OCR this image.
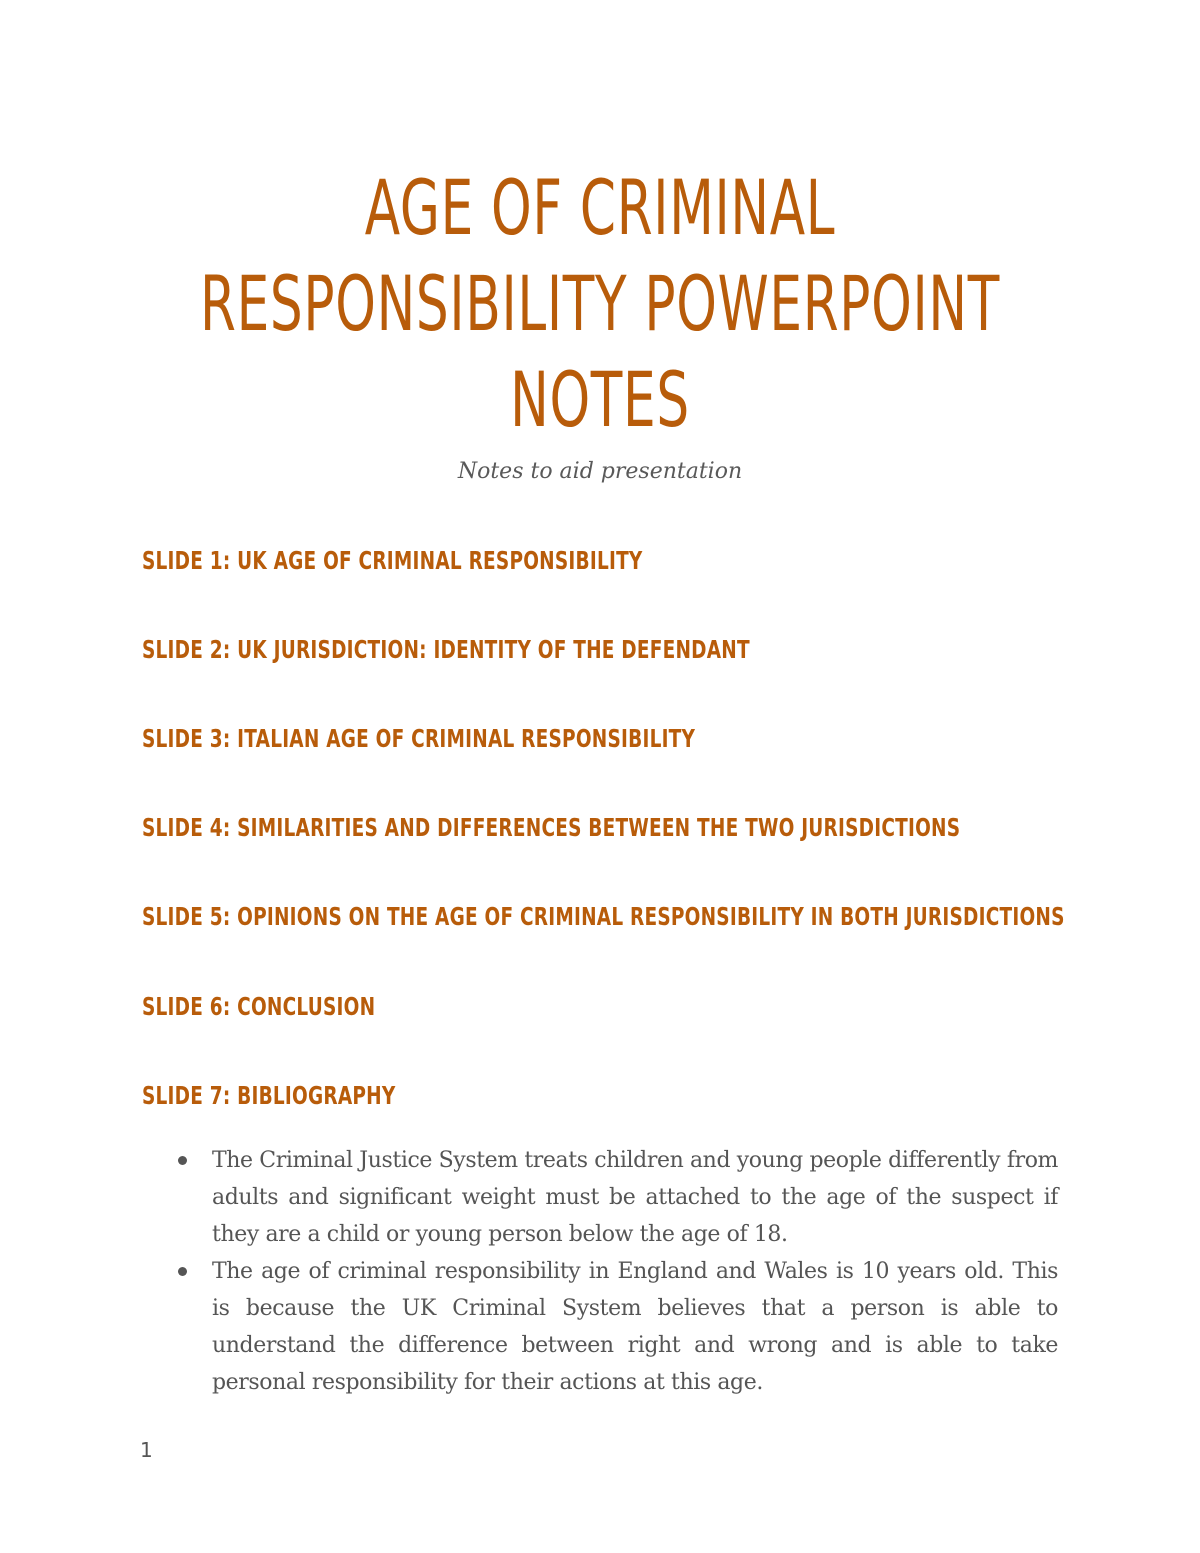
AGE OF CRIMINAL
RESPONSIBILITY POWERPOINT
NOTES
Notes to aid presentation
SLIDE 1: UK AGE OF CRIMINAL RESPONSIBILITY
SLIDE 2: UK JURISDICTION: IDENTITY OF THE DEFENDANT
SLIDE 3: ITALIAN AGE OF CRIMINAL RESPONSIBILITY
SLIDE 4: SIMILARITIES AND DIFFERENCES BETWEEN THE TWO JURISDICTIONS
SLIDE 5: OPINIONS ON THE AGE OF CRIMINAL RESPONSIBILITY IN BOTH JURISDICTIONS
SLIDE 6: CONCLUSION
SLIDE 7: BIBLIOGRAPHY
The Criminal Justice System treats children and young people differently from adults and significant weight must be attached to the age of the suspect if they are a child or young person below the age of 18.
The age of criminal responsibility in England and Wales is 10 years old. This is because the UK Criminal System believes that a person is able to understand the difference between right and wrong and is able to take personal responsibility for their actions at this age.
1
